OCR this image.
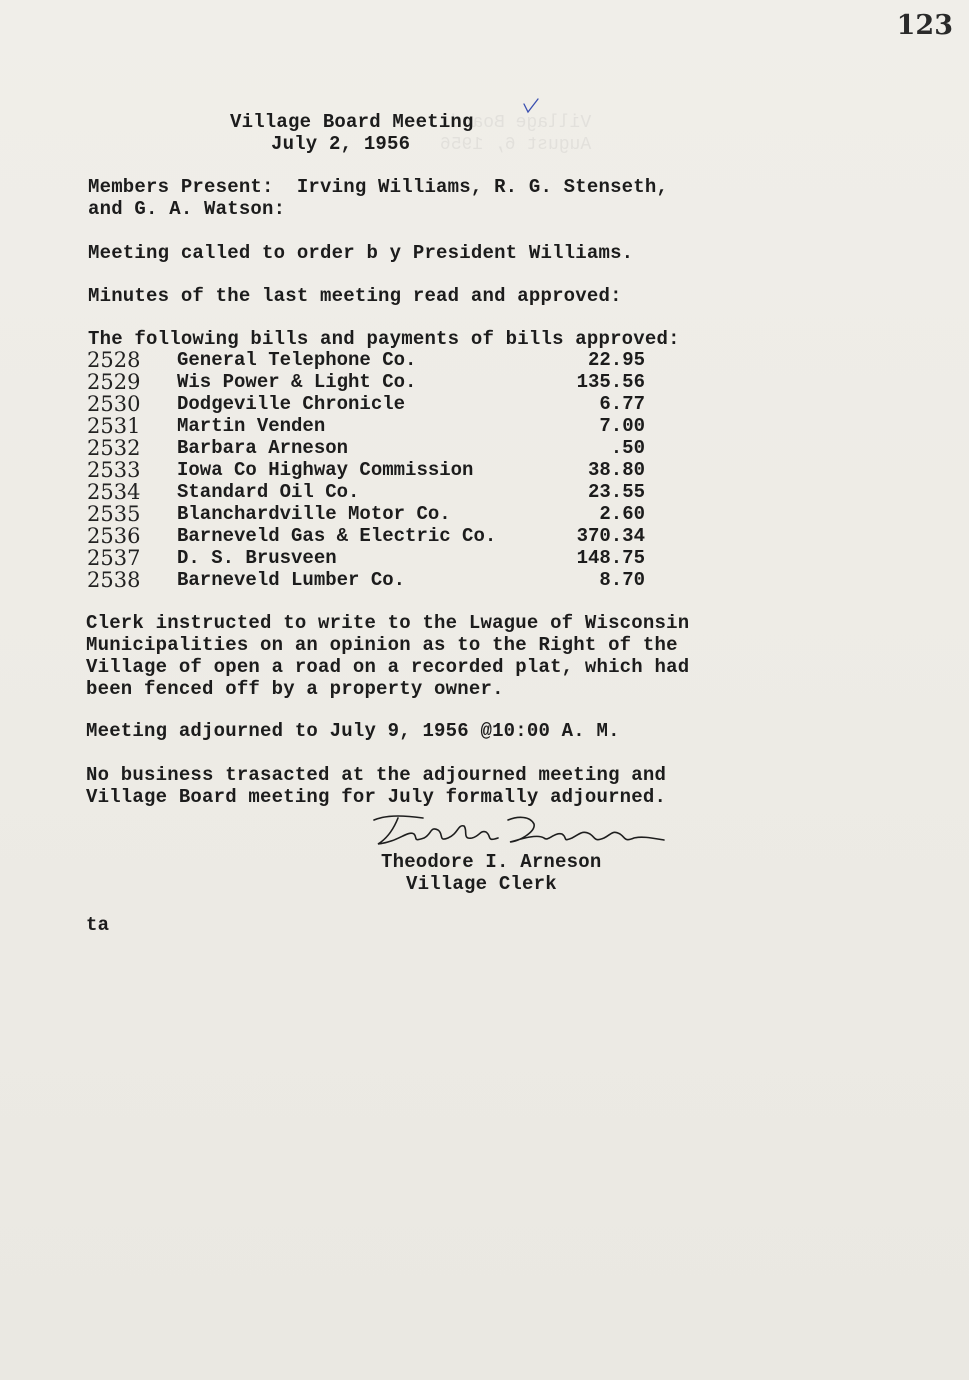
Village Board
August 6, 1956
123
Village Board Meeting
July 2, 1956
Members Present:  Irving Williams, R. G. Stenseth,
and G. A. Watson:
Meeting called to order b y President Williams.
Minutes of the last meeting read and approved:
The following bills and payments of bills approved:
2528 General Telephone Co.	22.95
2529 Wis Power & Light Co.	135.56
2530 Dodgeville Chronicle	6.77
2531 Martin Venden	7.00
2532 Barbara Arneson	.50
2533 Iowa Co Highway Commission	38.80
2534 Standard Oil Co.	23.55
2535 Blanchardville Motor Co.	2.60
2536 Barneveld Gas & Electric Co.	370.34
2537 D. S. Brusveen	148.75
2538 Barneveld Lumber Co.	8.70
Clerk instructed to write to the Lwague of Wisconsin
Municipalities on an opinion as to the Right of the
Village of open a road on a recorded plat, which had
been fenced off by a property owner.
Meeting adjourned to July 9, 1956 @10:00 A. M.
No business trasacted at the adjourned meeting and
Village Board meeting for July formally adjourned.
Theodore I. Arneson
Village Clerk
ta
